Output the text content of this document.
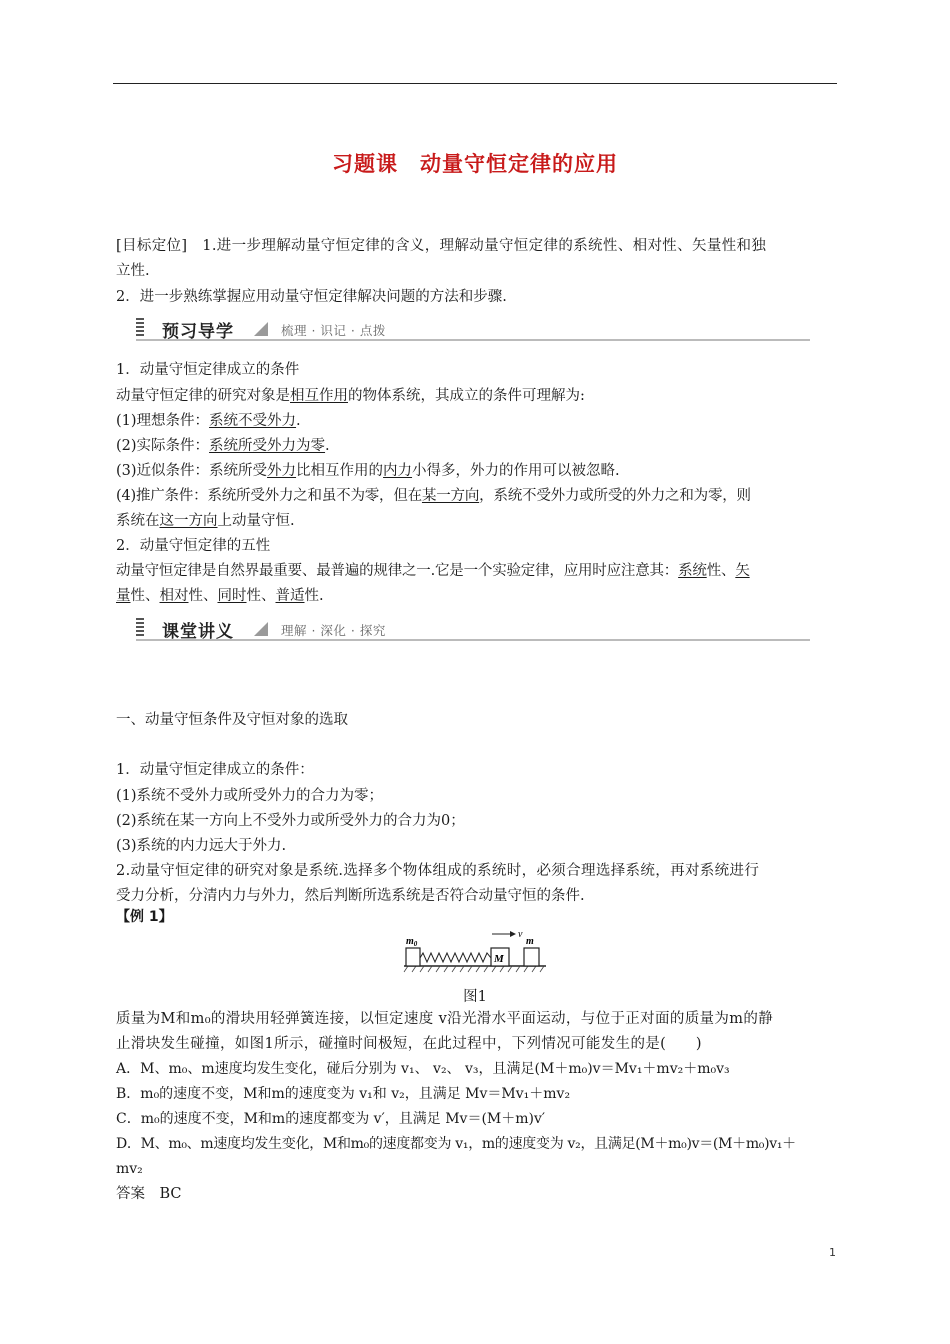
习题课 动量守恒定律的应用
[目标定位]　1.进一步理解动量守恒定律的含义，理解动量守恒定律的系统性、相对性、矢量性和独
立性.
2．进一步熟练掌握应用动量守恒定律解决问题的方法和步骤.
预习导学	梳理 · 识记 · 点拨
1．动量守恒定律成立的条件
动量守恒定律的研究对象是相互作用的物体系统，其成立的条件可理解为:
(1)理想条件：系统不受外力.
(2)实际条件：系统所受外力为零.
(3)近似条件：系统所受外力比相互作用的内力小得多，外力的作用可以被忽略.
(4)推广条件：系统所受外力之和虽不为零，但在某一方向，系统不受外力或所受的外力之和为零，则
系统在这一方向上动量守恒.
2．动量守恒定律的五性
动量守恒定律是自然界最重要、最普遍的规律之一.它是一个实验定律，应用时应注意其：系统性、矢
量性、相对性、同时性、普适性.
课堂讲义	理解 · 深化 · 探究
一、动量守恒条件及守恒对象的选取
1．动量守恒定律成立的条件：
(1)系统不受外力或所受外力的合力为零；
(2)系统在某一方向上不受外力或所受外力的合力为0；
(3)系统的内力远大于外力.
2.动量守恒定律的研究对象是系统.选择多个物体组成的系统时，必须合理选择系统，再对系统进行
受力分析，分清内力与外力，然后判断所选系统是否符合动量守恒的条件.
【例 1】
$m_0$
M
m
v
图1
质量为M和m₀的滑块用轻弹簧连接，以恒定速度 v沿光滑水平面运动，与位于正对面的质量为m的静
止滑块发生碰撞，如图1所示，碰撞时间极短，在此过程中，下列情况可能发生的是(　　)
A．M、m₀、m速度均发生变化，碰后分别为 v₁、 v₂、 v₃，且满足(M＋m₀)v＝Mv₁＋mv₂＋m₀v₃
B．m₀的速度不变，M和m的速度变为 v₁和 v₂，且满足 Mv＝Mv₁＋mv₂
C．m₀的速度不变，M和m的速度都变为 v′，且满足 Mv＝(M＋m)v′
D．M、m₀、m速度均发生变化，M和m₀的速度都变为 v₁，m的速度变为 v₂，且满足(M＋m₀)v＝(M＋m₀)v₁＋
mv₂
答案　BC
1
